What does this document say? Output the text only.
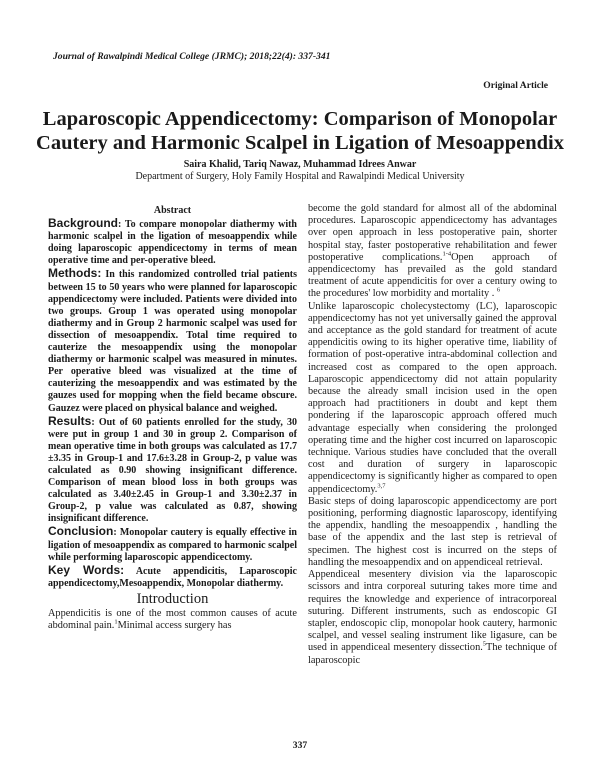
Journal of Rawalpindi Medical College (JRMC); 2018;22(4): 337-341
Original Article
Laparoscopic Appendicectomy: Comparison of Monopolar
Cautery and Harmonic Scalpel in Ligation of Mesoappendix
Saira Khalid, Tariq Nawaz, Muhammad Idrees Anwar
Department of Surgery, Holy Family Hospital and Rawalpindi Medical University

Abstract

Background: To compare monopolar diathermy with harmonic scalpel in the ligation of mesoappendix while doing laparoscopic appendicectomy in terms of mean operative time and per-operative bleed.

Methods: In this randomized controlled trial patients between 15 to 50 years who were planned for laparoscopic appendicectomy were included. Patients were divided into two groups. Group 1 was operated using monopolar diathermy and in Group 2 harmonic scalpel was used for dissection of mesoappendix. Total time required to cauterize the mesoappendix using the monopolar diathermy or harmonic scalpel was measured in minutes. Per operative bleed was visualized at the time of cauterizing the mesoappendix and was estimated by the gauzes used for mopping when the field became obscure. Gauzez were placed on physical balance and weighed.

Results: Out of 60 patients enrolled for the study, 30 were put in group 1 and 30 in group 2. Comparison of mean operative time in both groups was calculated as 17.7 ±3.35 in Group-1 and 17.6±3.28 in Group-2, p value was calculated as 0.90 showing insignificant difference. Comparison of mean blood loss in both groups was calculated as 3.40±2.45 in Group-1 and 3.30±2.37 in Group-2, p value was calculated as 0.87, showing insignificant difference.

Conclusion: Monopolar cautery is equally effective in ligation of mesoappendix as compared to harmonic scalpel while performing laparoscopic appendicectomy.

Key Words: Acute appendicitis, Laparoscopic appendicectomy,Mesoappendix, Monopolar diathermy.

Introduction

Appendicitis is one of the most common causes of acute abdominal pain.$^1$Minimal access surgery has

become the gold standard for almost all of the abdominal procedures. Laparoscopic appendicectomy has advantages over open approach in less postoperative pain, shorter hospital stay, faster postoperative rehabilitation and fewer postoperative complications.$^{1-4}$Open approach of appendicectomy has prevailed as the gold standard treatment of acute appendicitis for over a century owing to the procedures' low morbidity and mortality . $^6$

Unlike laparoscopic cholecystectomy (LC), laparoscopic appendicectomy has not yet universally gained the approval and acceptance as the gold standard for treatment of acute appendicitis owing to its higher operative time, liability of formation of post-operative intra-abdominal collection and increased cost as compared to the open approach. Laparoscopic appendicectomy did not attain popularity because the already small incision used in the open approach had practitioners in doubt and kept them pondering if the laparoscopic approach offered much advantage especially when considering the prolonged operating time and the higher cost incurred on laparoscopic technique. Various studies have concluded that the overall cost and duration of surgery in laparoscopic appendicectomy is significantly higher as compared to open appendicectomy.$^{3,7}$

Basic steps of doing laparoscopic appendicectomy are port positioning, performing diagnostic laparoscopy, identifying the appendix, handling the mesoappendix , handling the base of the appendix and the last step is retrieval of specimen. The highest cost is incurred on the steps of handling the mesoappendix and on appendiceal retrieval.

Appendiceal mesentery division via the laparoscopic scissors and intra corporeal suturing takes more time and requires the knowledge and experience of intracorporeal suturing. Different instruments, such as endoscopic GI stapler, endoscopic clip, monopolar hook cautery, harmonic scalpel, and vessel sealing instrument like ligasure, can be used in appendiceal mesentery dissection.$^5$The technique of laparoscopic

337
